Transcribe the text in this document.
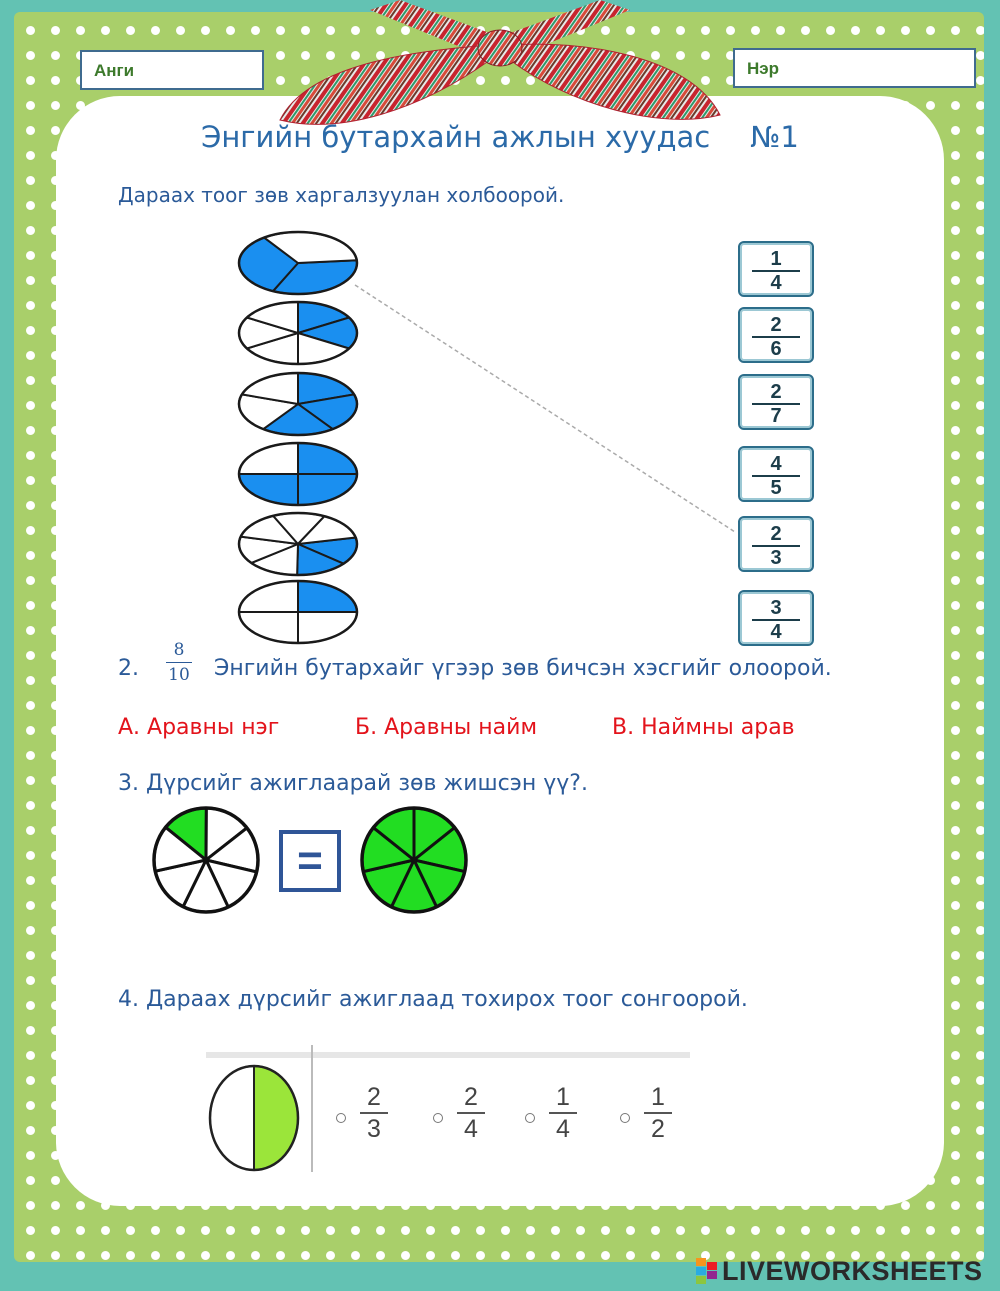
Анги	Нэр
Энгийн бутархайн ажлын хуудас №1
Дараах тоог зөв харгалзуулан холбоорой.
1
4
2
6
2
7
4
5
2
3
3
4
2.
8
10 Энгийн бутархайг үгээр зөв бичсэн хэсгийг олоорой.
А. Аравны нэг	Б. Аравны найм	В. Наймны арав
3. Дүрсийг ажиглаарай зөв жишсэн үү?.
=
4. Дараах дүрсийг ажиглаад тохирох тоог сонгоорой.
2
3
2
4
1
4
1
2
LIVEWORKSHEETS
